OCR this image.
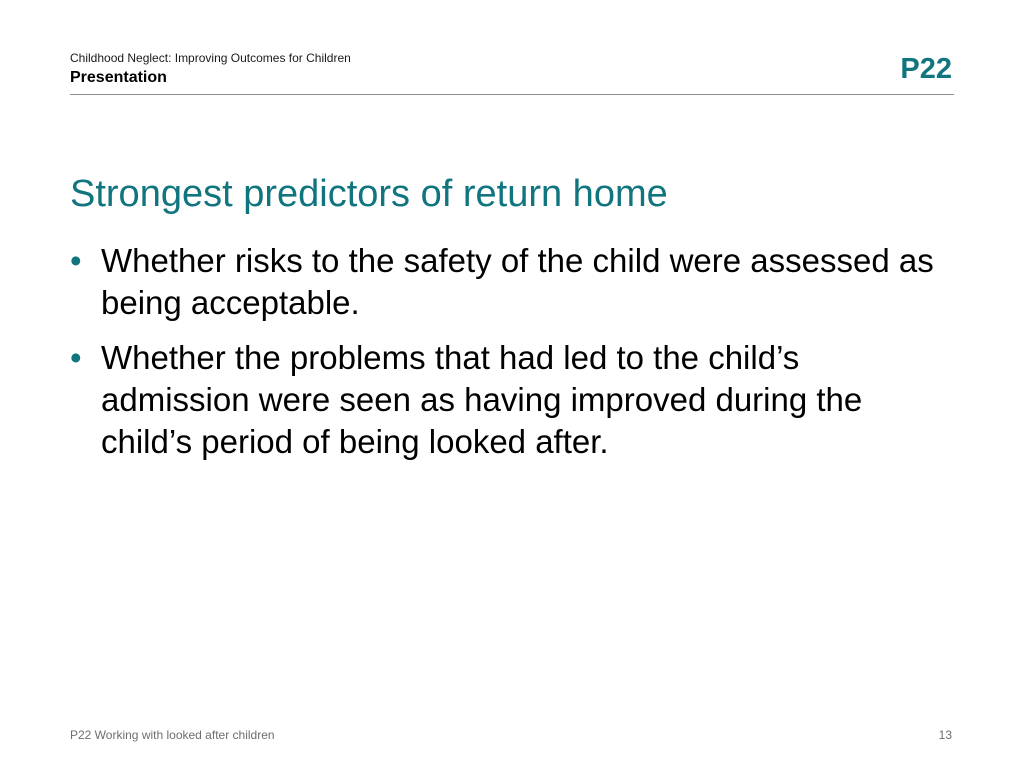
Childhood Neglect: Improving Outcomes for Children
Presentation	P22
Strongest predictors of return home
• Whether risks to the safety of the child were assessed as being acceptable.
• Whether the problems that had led to the child’s admission were seen as having improved during the child’s period of being looked after.
P22 Working with looked after children	13
